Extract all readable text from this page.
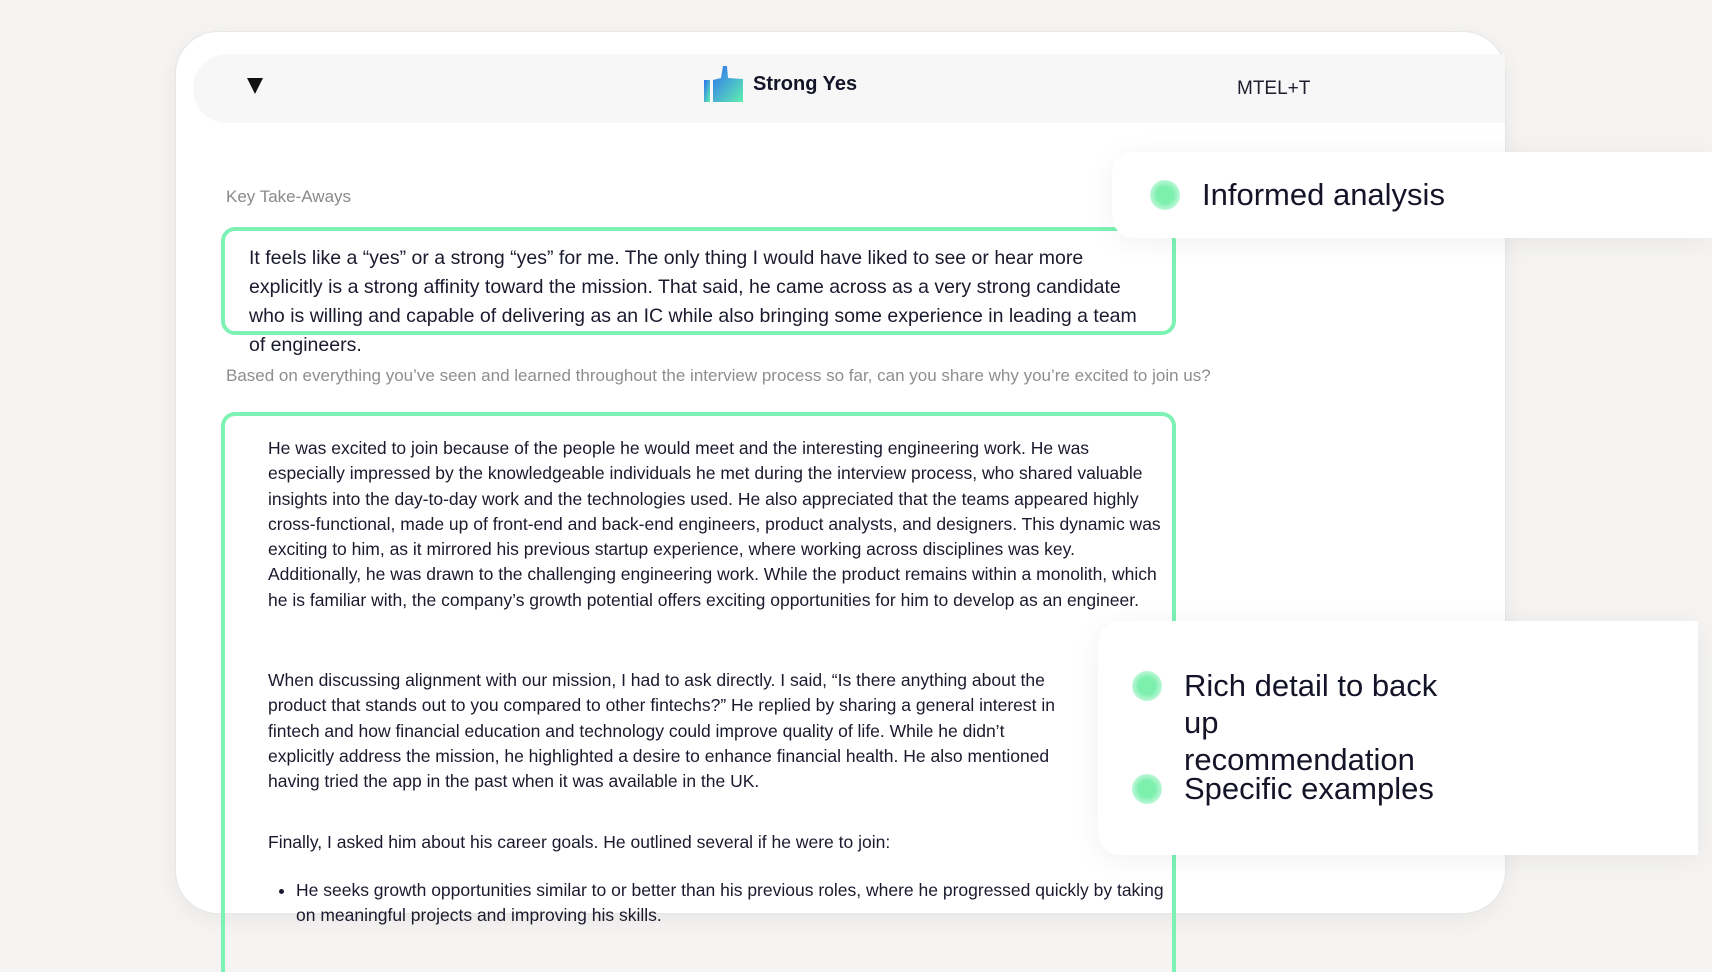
Strong Yes	MTEL+T
Key Take-Aways
It feels like a “yes” or a strong “yes” for me. The only thing I would have liked to see or hear more explicitly is a strong affinity toward the mission. That said, he came across as a very strong candidate who is willing and capable of delivering as an IC while also bringing some experience in leading a team of engineers.
Based on everything you’ve seen and learned throughout the interview process so far, can you share why you’re excited to join us?

He was excited to join because of the people he would meet and the interesting engineering work. He was especially impressed by the knowledgeable individuals he met during the interview process, who shared valuable insights into the day-to-day work and the technologies used. He also appreciated that the teams appeared highly cross-functional, made up of front-end and back-end engineers, product analysts, and designers. This dynamic was exciting to him, as it mirrored his previous startup experience, where working across disciplines was key. Additionally, he was drawn to the challenging engineering work. While the product remains within a monolith, which he is familiar with, the company’s growth potential offers exciting opportunities for him to develop as an engineer.

When discussing alignment with our mission, I had to ask directly. I said, “Is there anything about the product that stands out to you compared to other fintechs?” He replied by sharing a general interest in fintech and how financial education and technology could improve quality of life. While he didn’t explicitly address the mission, he highlighted a desire to enhance financial health. He also mentioned having tried the app in the past when it was available in the UK.

Finally, I asked him about his career goals. He outlined several if he were to join:

• He seeks growth opportunities similar to or better than his previous roles, where he progressed quickly by taking on meaningful projects and improving his skills.
Informed analysis
Rich detail to back up recommendation
Specific examples
